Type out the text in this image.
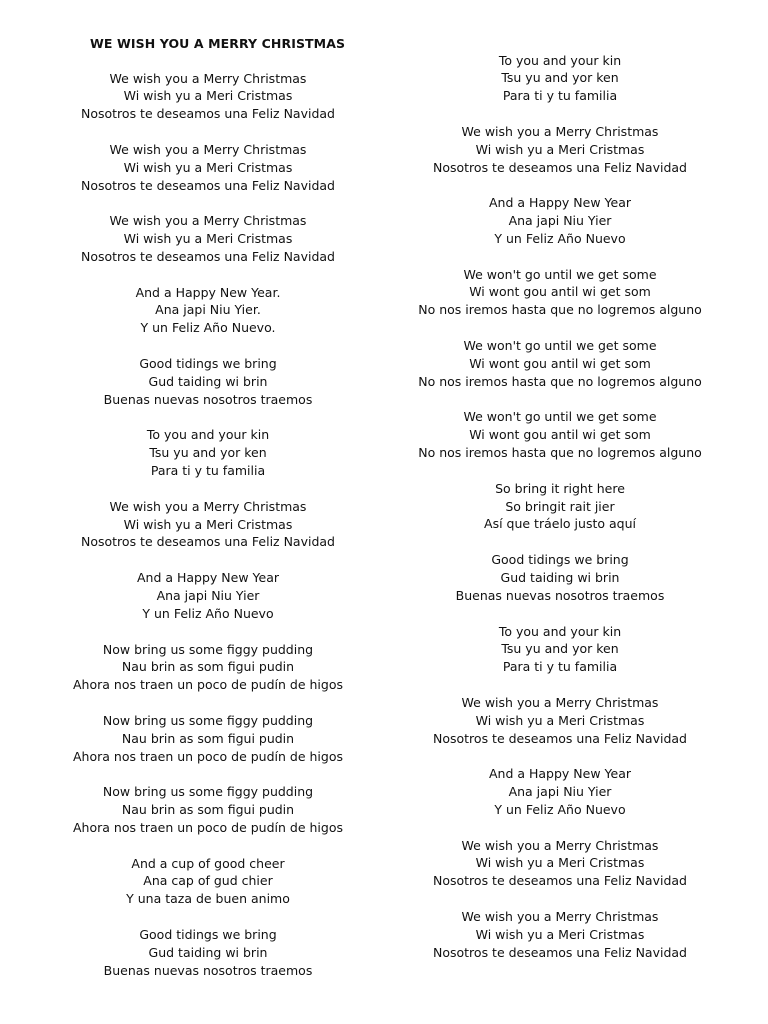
WE WISH YOU A MERRY CHRISTMAS
We wish you a Merry Christmas
Wi wish yu a Meri Cristmas
Nosotros te deseamos una Feliz Navidad
We wish you a Merry Christmas
Wi wish yu a Meri Cristmas
Nosotros te deseamos una Feliz Navidad
We wish you a Merry Christmas
Wi wish yu a Meri Cristmas
Nosotros te deseamos una Feliz Navidad
And a Happy New Year.
Ana japi Niu Yier.
Y un Feliz Año Nuevo.
Good tidings we bring
Gud taiding wi brin
Buenas nuevas nosotros traemos
To you and your kin
Tsu yu and yor ken
Para ti y tu familia
We wish you a Merry Christmas
Wi wish yu a Meri Cristmas
Nosotros te deseamos una Feliz Navidad
And a Happy New Year
Ana japi Niu Yier
Y un Feliz Año Nuevo
Now bring us some figgy pudding
Nau brin as som figui pudin
Ahora nos traen un poco de pudín de higos
Now bring us some figgy pudding
Nau brin as som figui pudin
Ahora nos traen un poco de pudín de higos
Now bring us some figgy pudding
Nau brin as som figui pudin
Ahora nos traen un poco de pudín de higos
And a cup of good cheer
Ana cap of gud chier
Y una taza de buen animo
Good tidings we bring
Gud taiding wi brin
Buenas nuevas nosotros traemos
To you and your kin
Tsu yu and yor ken
Para ti y tu familia
We wish you a Merry Christmas
Wi wish yu a Meri Cristmas
Nosotros te deseamos una Feliz Navidad
And a Happy New Year
Ana japi Niu Yier
Y un Feliz Año Nuevo
We won't go until we get some
Wi wont gou antil wi get som
No nos iremos hasta que no logremos alguno
We won't go until we get some
Wi wont gou antil wi get som
No nos iremos hasta que no logremos alguno
We won't go until we get some
Wi wont gou antil wi get som
No nos iremos hasta que no logremos alguno
So bring it right here
So bringit rait jier
Así que tráelo justo aquí
Good tidings we bring
Gud taiding wi brin
Buenas nuevas nosotros traemos
To you and your kin
Tsu yu and yor ken
Para ti y tu familia
We wish you a Merry Christmas
Wi wish yu a Meri Cristmas
Nosotros te deseamos una Feliz Navidad
And a Happy New Year
Ana japi Niu Yier
Y un Feliz Año Nuevo
We wish you a Merry Christmas
Wi wish yu a Meri Cristmas
Nosotros te deseamos una Feliz Navidad
We wish you a Merry Christmas
Wi wish yu a Meri Cristmas
Nosotros te deseamos una Feliz Navidad
